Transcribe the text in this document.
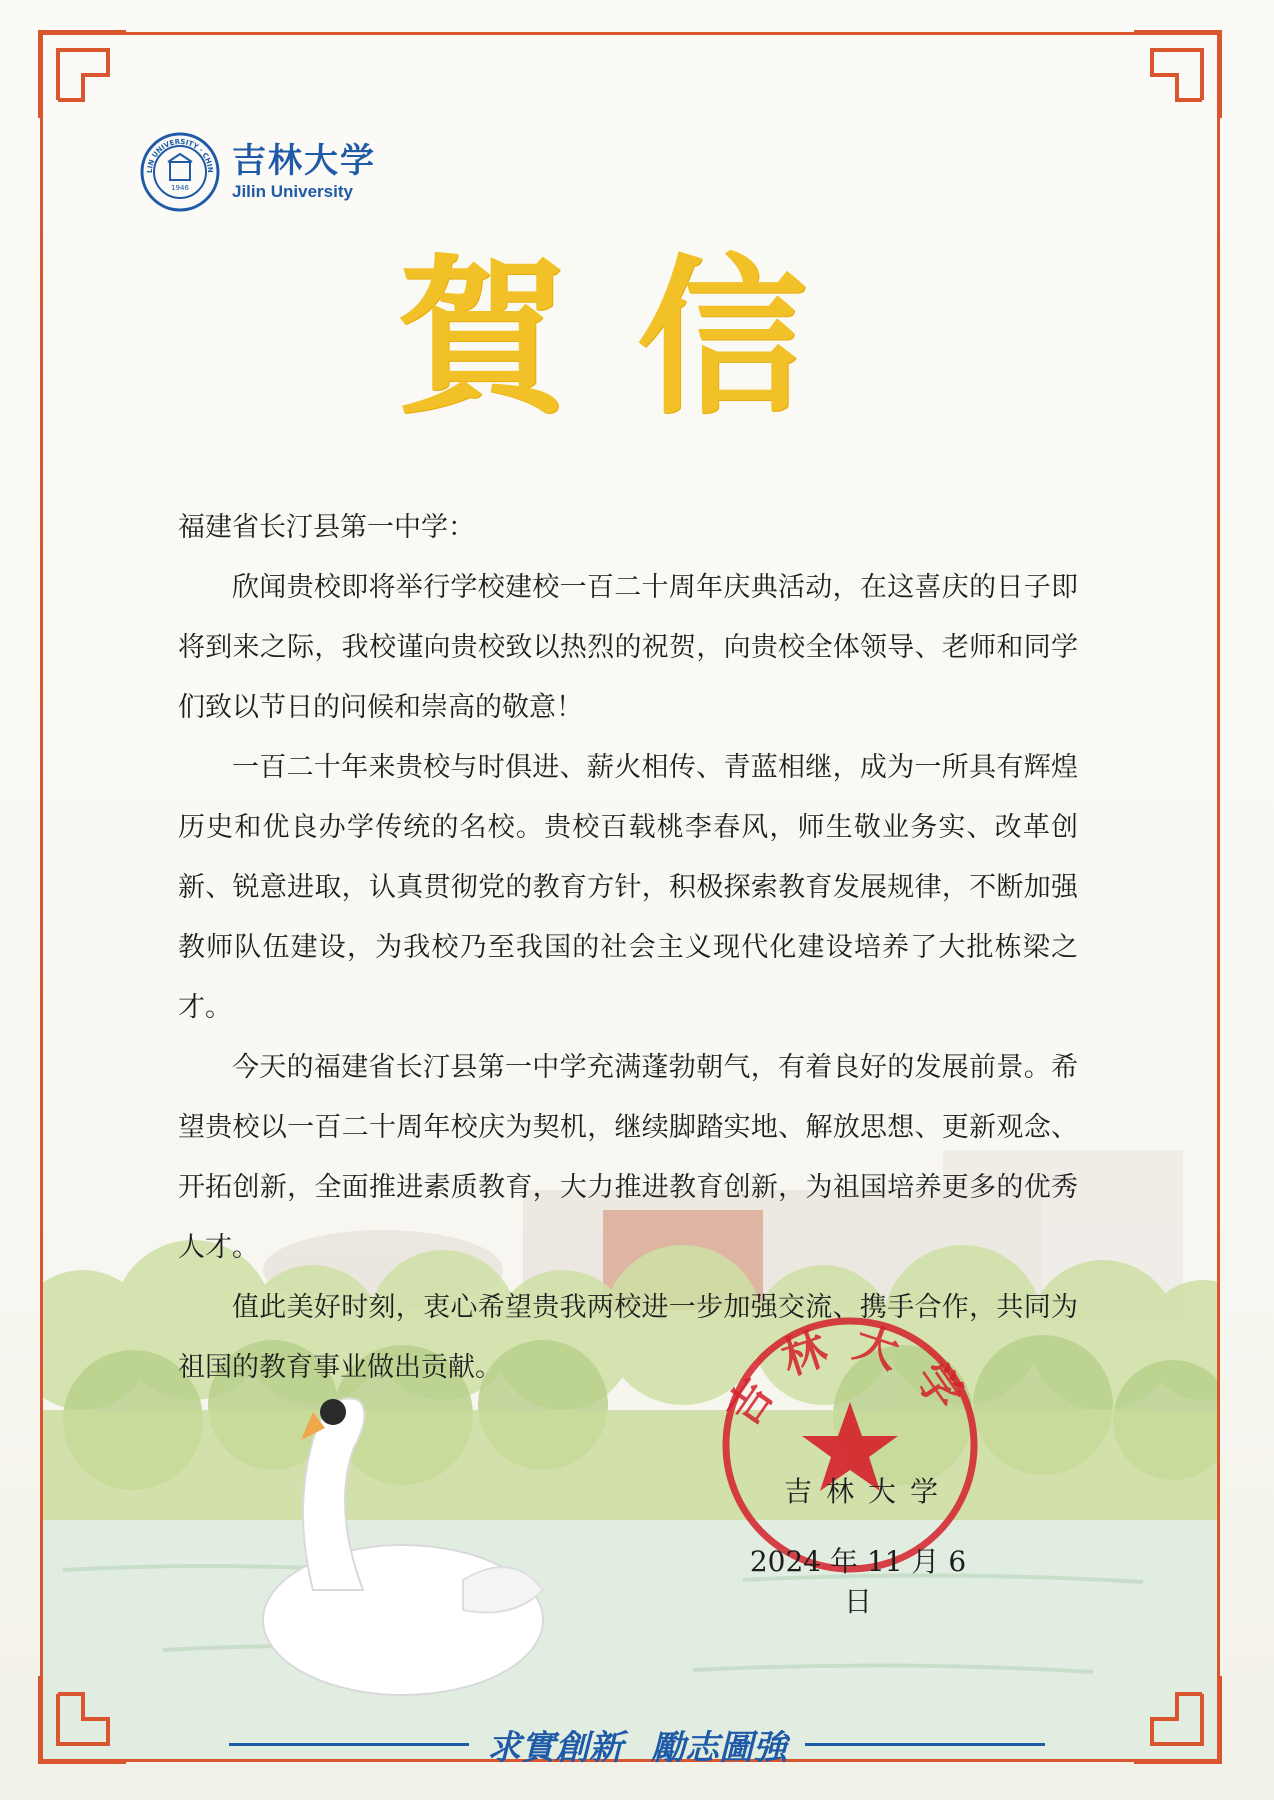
1946
LIN UNIVERSITY · CHIN 吉林大学
Jilin University
賀信

福建省长汀县第一中学：

欣闻贵校即将举行学校建校一百二十周年庆典活动，在这喜庆的日子即将到来之际，我校谨向贵校致以热烈的祝贺，向贵校全体领导、老师和同学们致以节日的问候和崇高的敬意！

一百二十年来贵校与时俱进、薪火相传、青蓝相继，成为一所具有辉煌历史和优良办学传统的名校。贵校百载桃李春风，师生敬业务实、改革创新、锐意进取，认真贯彻党的教育方针，积极探索教育发展规律，不断加强教师队伍建设，为我校乃至我国的社会主义现代化建设培养了大批栋梁之才。

今天的福建省长汀县第一中学充满蓬勃朝气，有着良好的发展前景。希望贵校以一百二十周年校庆为契机，继续脚踏实地、解放思想、更新观念、开拓创新，全面推进素质教育，大力推进教育创新，为祖国培养更多的优秀人才。

值此美好时刻，衷心希望贵我两校进一步加强交流、携手合作，共同为祖国的教育事业做出贡献。	吉林大学
吉林大学
2024 年 11 月 6 日
求實創新 勵志圖強
